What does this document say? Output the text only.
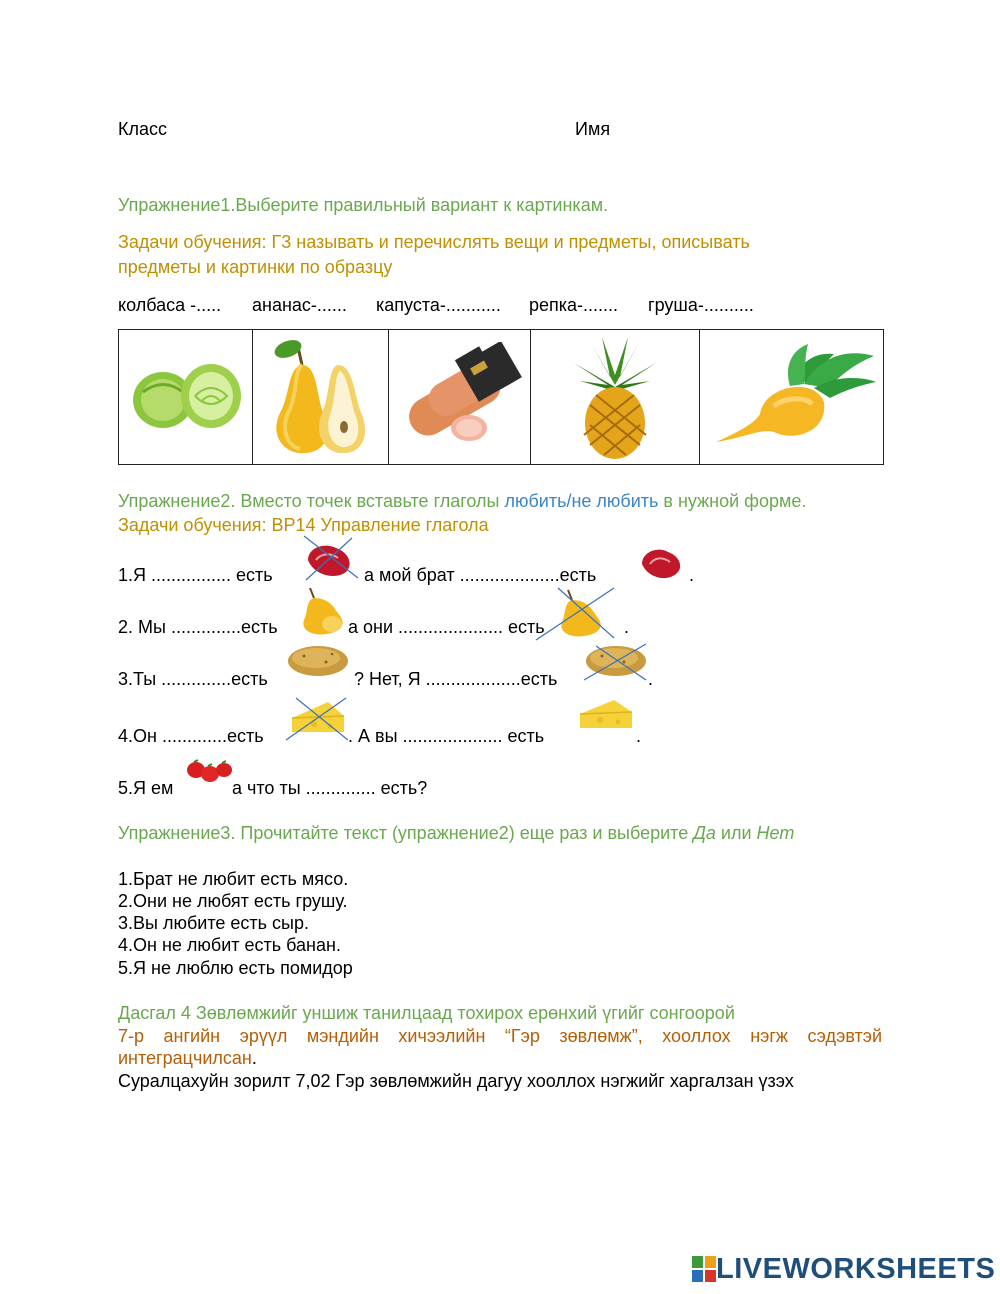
Класс	Имя
Упражнение1.Выберите правильный вариант к картинкам.
Задачи обучения: Г3 называть и перечислять вещи и предметы, описывать
предметы и картинки по образцу
колбаса -..... ананас-...... капуста-........... репка-....... груша-..........

Упражнение2. Вместо точек вставьте глаголы любить/не любить в нужной форме.
Задачи обучения: ВР14 Управление глагола
1.Я ................ есть	а мой брат ....................есть	.
2. Мы ..............есть	а они ..................... есть	.
3.Ты ..............есть	? Нет, Я ...................есть	.
4.Он .............есть	. А вы .................... есть	.
5.Я ем	а что ты .............. есть?
Упражнение3. Прочитайте текст (упражнение2) еще раз и выберите Да или Нет
1.Брат не любит есть мясо.
2.Они не любят есть грушу.
3.Вы любите есть сыр.
4.Он не любит есть банан.
5.Я не люблю есть помидор
Дасгал 4 Зөвлөмжийг уншиж танилцаад тохирох ерөнхий үгийг сонгоорой
7-р ангийн эрүүл мэндийн хичээлийн “Гэр зөвлөмж”, хооллох нэгж сэдэвтэй
интеграцчилсан.
Суралцахуйн зорилт 7,02 Гэр зөвлөмжийн дагуу хооллох нэгжийг харгалзан үзэх
LIVEWORKSHEETS
